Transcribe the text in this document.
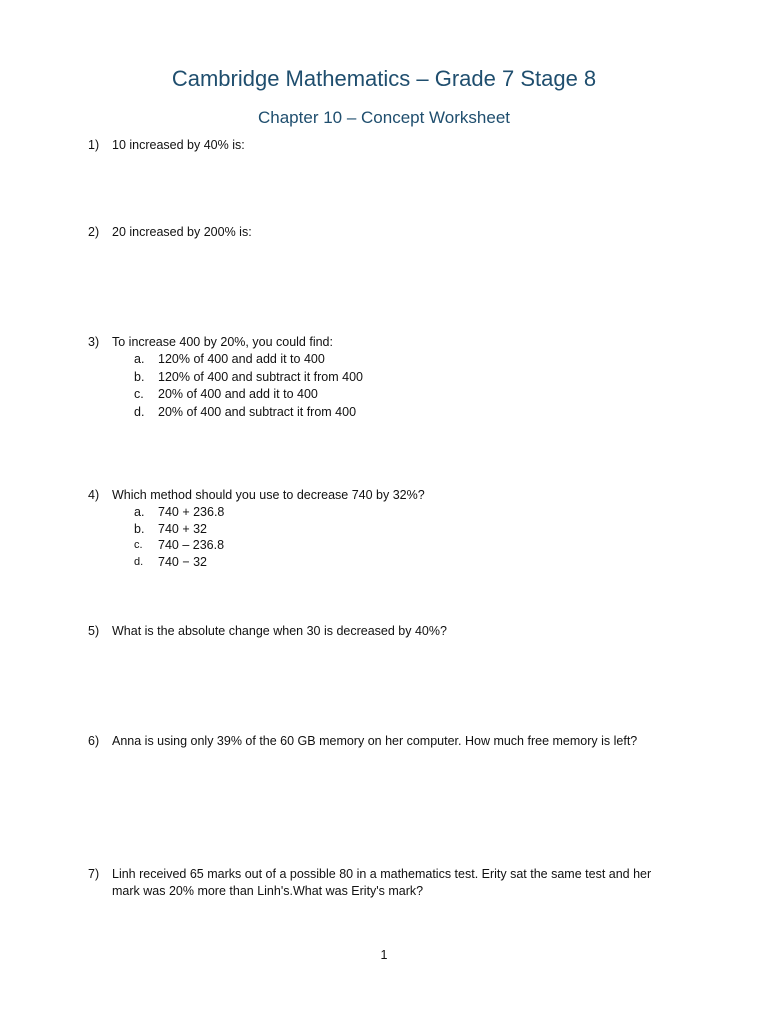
Cambridge Mathematics – Grade 7 Stage 8
Chapter 10 – Concept Worksheet
1) 10 increased by 40% is:
2) 20 increased by 200% is:
3) To increase 400 by 20%, you could find:
a. 120% of 400 and add it to 400
b. 120% of 400 and subtract it from 400
c. 20% of 400 and add it to 400
d. 20% of 400 and subtract it from 400
4) Which method should you use to decrease 740 by 32%?
a. 740 + 236.8
b. 740 + 32
c. 740 – 236.8
d. 740 − 32
5) What is the absolute change when 30 is decreased by 40%?
6) Anna is using only 39% of the 60 GB memory on her computer. How much free memory is left?
7) Linh received 65 marks out of a possible 80 in a mathematics test. Erity sat the same test and her mark was 20% more than Linh's.What was Erity's mark?
1
